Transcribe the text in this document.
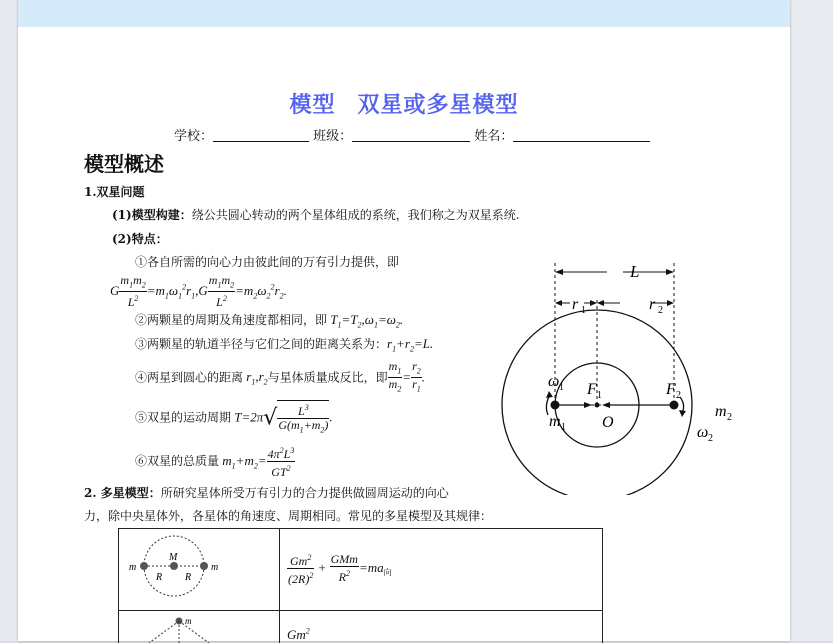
模型 双星或多星模型
学校：	班级：	姓名：
模型概述
1.双星问题
(1)模型构建：绕公共圆心转动的两个星体组成的系统，我们称之为双星系统.
(2)特点：
①各自所需的向心力由彼此间的万有引力提供，即
G $\frac{m_1m_2}{L^2} =m_1\omega_1^2r_1,G \frac{m_1m_2}{L^2} =m_2\omega_2^2r_2$.
②两颗星的周期及角速度都相同，即 $T_1=T_2,\omega_1=\omega_2$.
③两颗星的轨道半径与它们之间的距离关系为：$r_1+r_2=L$.
④两星到圆心的距离 $r_1,r_2$与星体质量成反比，即 $\frac{m_1}{m_2} = \frac{r_2}{r_1}$ .
⑤双星的运动周期 $T=2\pi√ \frac{L^3}{G(m_1+m_2)}$ .
⑥双星的总质量 $m_1+m_2= \frac{4\pi^2L^3}{GT^2}$
2. 多星模型：所研究星体所受万有引力的合力提供做圆周运动的向心
力，除中央星体外，各星体的角速度、周期相同。常见的多星模型及其规律：
L
r 1	r 2
F 1	F 2
O
ω 1
m 1
m 2
ω 2
M
m	m
R R	$\frac{Gm^2}{(2R)^2} + \frac{\text{GMm}}{R^2} =ma_向$
m
Gm$^2$
